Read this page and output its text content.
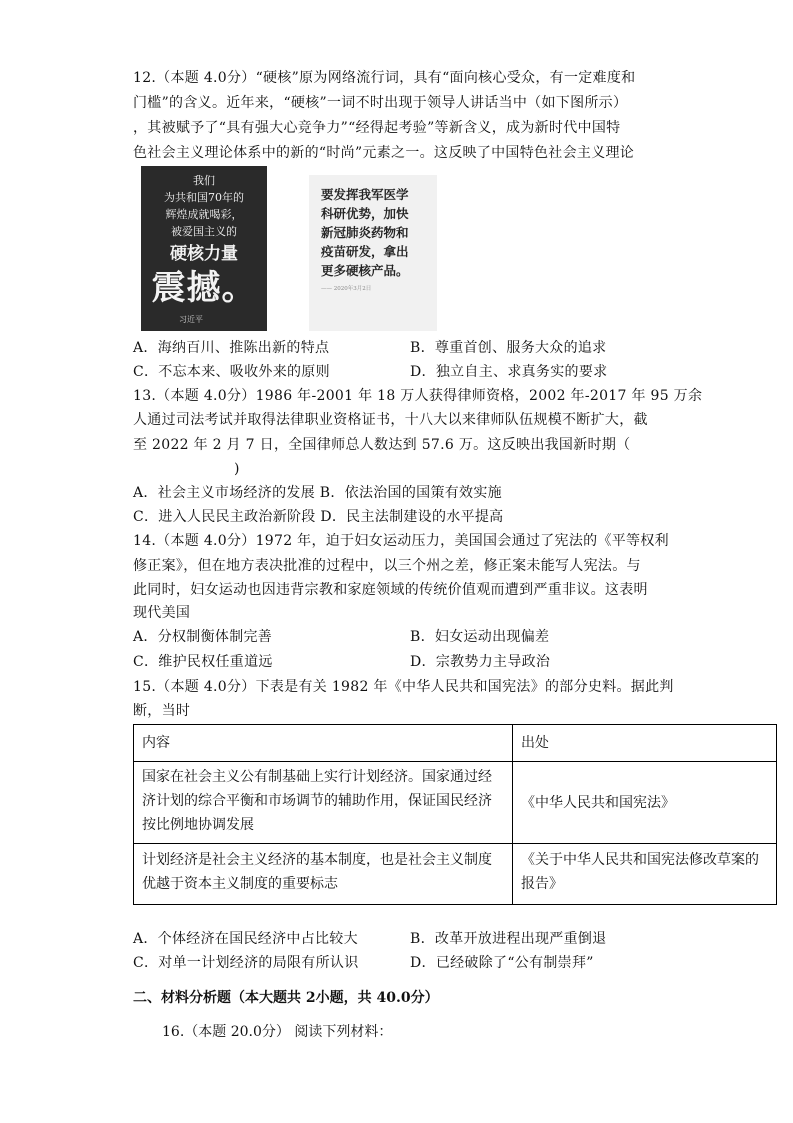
12.（本题 4.0分）“硬核”原为网络流行词，具有“面向核心受众，有一定难度和
门槛”的含义。近年来，“硬核”一词不时出现于领导人讲话当中（如下图所示）
，其被赋予了“具有强大心竞争力”“经得起考验”等新含义，成为新时代中国特
色社会主义理论体系中的新的“时尚”元素之一。这反映了中国特色社会主义理论
我们
为共和国70年的
辉煌成就喝彩，
被爱国主义的
硬核力量
震撼。
习近平
要发挥我军医学
科研优势，加快
新冠肺炎药物和
疫苗研发，拿出
更多硬核产品。
—— 2020年3月2日
A．海纳百川、推陈出新的特点	B．尊重首创、服务大众的追求
C．不忘本来、吸收外来的原则	D．独立自主、求真务实的要求
13.（本题 4.0分）1986 年-2001 年 18 万人获得律师资格，2002 年-2017 年 95 万余
人通过司法考试并取得法律职业资格证书，十八大以来律师队伍规模不断扩大，截
至 2022 年 2 月 7 日，全国律师总人数达到 57.6 万。这反映出我国新时期（
)
A．社会主义市场经济的发展 B．依法治国的国策有效实施
C．进入人民民主政治新阶段 D．民主法制建设的水平提高
14.（本题 4.0分）1972 年，迫于妇女运动压力，美国国会通过了宪法的《平等权利
修正案》，但在地方表决批准的过程中，以三个州之差，修正案未能写人宪法。与
此同时，妇女运动也因违背宗教和家庭领域的传统价值观而遭到严重非议。这表明
现代美国
A．分权制衡体制完善	B．妇女运动出现偏差
C．维护民权任重道远	D．宗教势力主导政治
15.（本题 4.0分）下表是有关 1982 年《中华人民共和国宪法》的部分史料。据此判
断，当时
内容	出处
国家在社会主义公有制基础上实行计划经济。国家通过经济计划的综合平衡和市场调节的辅助作用，保证国民经济按比例地协调发展	《中华人民共和国宪法》
计划经济是社会主义经济的基本制度，也是社会主义制度优越于资本主义制度的重要标志	《关于中华人民共和国宪法修改草案的报告》
A．个体经济在国民经济中占比较大	B．改革开放进程出现严重倒退
C．对单一计划经济的局限有所认识	D．已经破除了“公有制崇拜”
二、材料分析题（本大题共 2小题，共 40.0分）
16.（本题 20.0分） 阅读下列材料：
